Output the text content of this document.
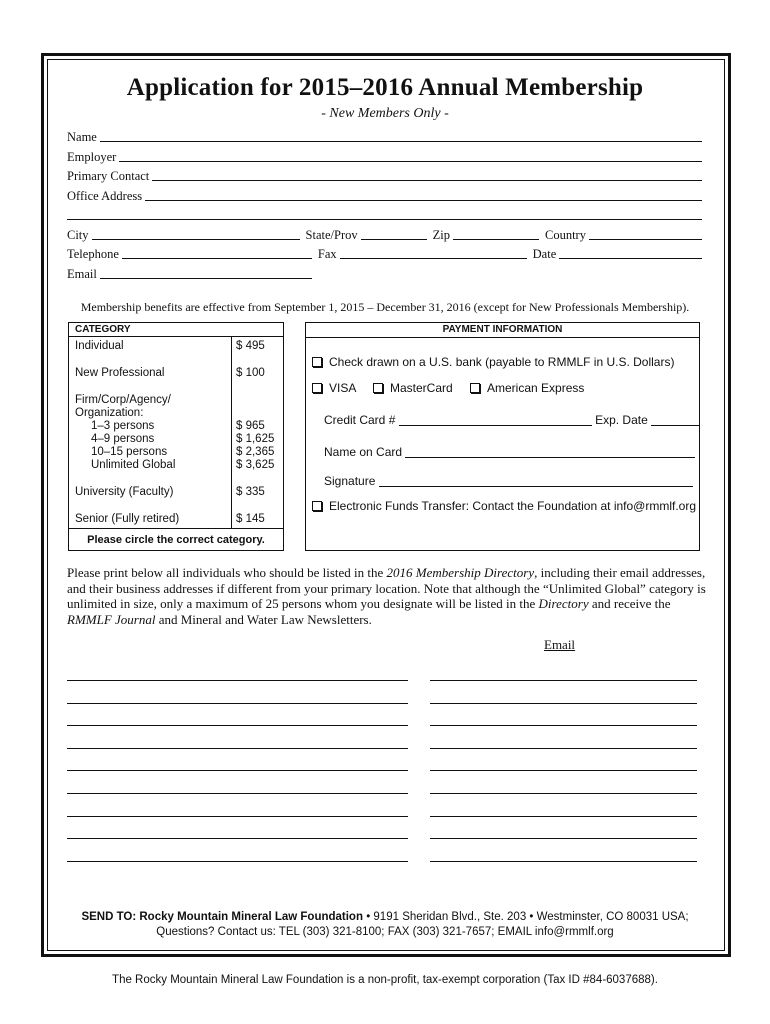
Application for 2015–2016 Annual Membership
- New Members Only -
Name
Employer
Primary Contact
Office Address
City	State/Prov	Zip	Country
Telephone	Fax	Date
Email
Membership benefits are effective from September 1, 2015 – December 31, 2016 (except for New Professionals Membership).
CATEGORY
Individual	$ 495
New Professional	$ 100
Firm/Corp/Agency/
Organization:
1–3 persons	$ 965
4–9 persons	$ 1,625
10–15 persons	$ 2,365
Unlimited Global	$ 3,625
University (Faculty)	$ 335
Senior (Fully retired)	$ 145
Please circle the correct category.
PAYMENT INFORMATION
Check drawn on a U.S. bank (payable to RMMLF in U.S. Dollars)
VISA	MasterCard	American Express
Credit Card #	Exp. Date
Name on Card
Signature
Electronic Funds Transfer: Contact the Foundation at info@rmmlf.org
Please print below all individuals who should be listed in the 2016 Membership Directory, including their email addresses, and their business addresses if different from your primary location. Note that although the “Unlimited Global” category is unlimited in size, only a maximum of 25 persons whom you designate will be listed in the Directory and receive the RMMLF Journal and Mineral and Water Law Newsletters.
Email
SEND TO: Rocky Mountain Mineral Law Foundation • 9191 Sheridan Blvd., Ste. 203 • Westminster, CO 80031 USA;
Questions? Contact us: TEL (303) 321-8100; FAX (303) 321-7657; EMAIL info@rmmlf.org
The Rocky Mountain Mineral Law Foundation is a non-profit, tax-exempt corporation (Tax ID #84-6037688).
